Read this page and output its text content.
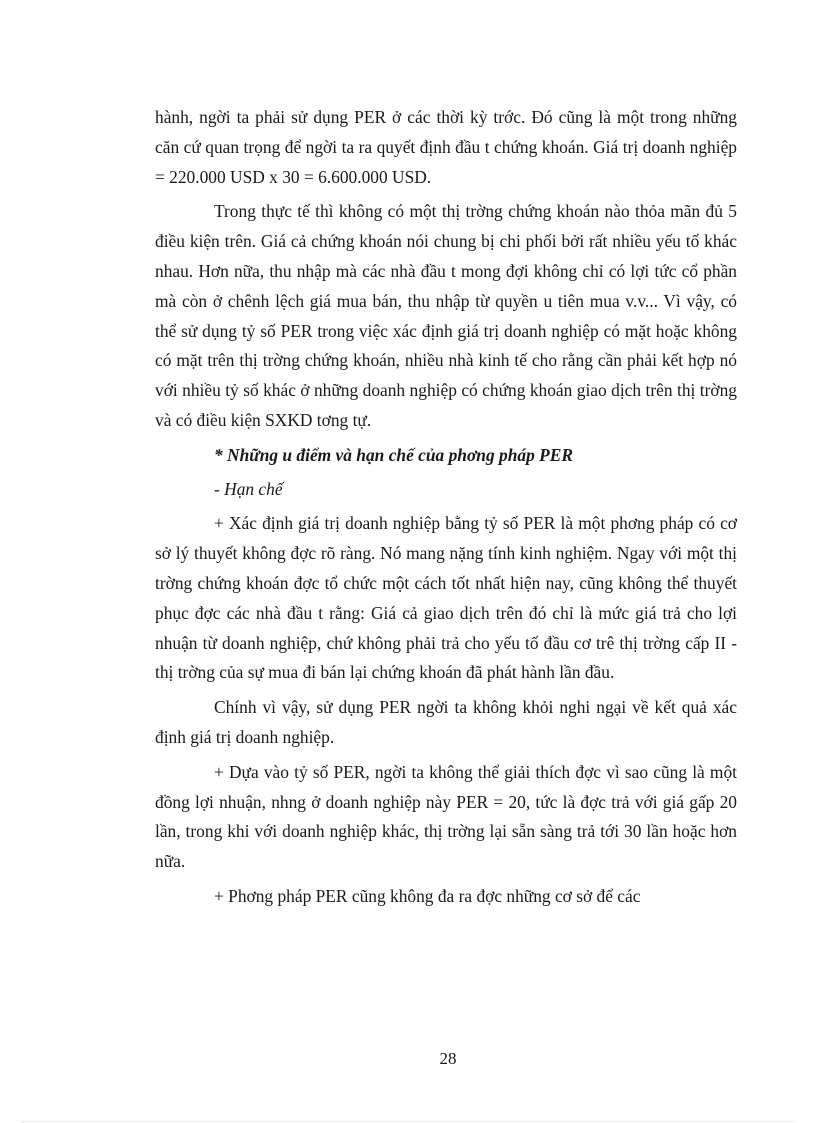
hành, ngời ta phải sử dụng PER ở các thời kỳ trớc. Đó cũng là một trong những căn cứ quan trọng để ngời ta ra quyết định đầu t chứng khoán. Giá trị doanh nghiệp = 220.000 USD x 30 = 6.600.000 USD.

Trong thực tế thì không có một thị trờng chứng khoán nào thỏa mãn đủ 5 điều kiện trên. Giá cả chứng khoán nói chung bị chi phối bởi rất nhiều yếu tố khác nhau. Hơn nữa, thu nhập mà các nhà đầu t mong đợi không chỉ có lợi tức cổ phần mà còn ở chênh lệch giá mua bán, thu nhập từ quyền u tiên mua v.v... Vì vậy, có thể sử dụng tỷ số PER trong việc xác định giá trị doanh nghiệp có mặt hoặc không có mặt trên thị trờng chứng khoán, nhiều nhà kinh tế cho rằng cần phải kết hợp nó với nhiều tỷ số khác ở những doanh nghiệp có chứng khoán giao dịch trên thị trờng và có điều kiện SXKD tơng tự.

* Những u điểm và hạn chế của phơng pháp PER

- Hạn chế

+ Xác định giá trị doanh nghiệp bằng tỷ số PER là một phơng pháp có cơ sở lý thuyết không đợc rõ ràng. Nó mang nặng tính kinh nghiệm. Ngay với một thị trờng chứng khoán đợc tổ chức một cách tốt nhất hiện nay, cũng không thể thuyết phục đợc các nhà đầu t rằng: Giá cả giao dịch trên đó chỉ là mức giá trả cho lợi nhuận từ doanh nghiệp, chứ không phải trả cho yếu tố đầu cơ trê thị trờng cấp II - thị trờng của sự mua đi bán lại chứng khoán đã phát hành lần đầu.

Chính vì vậy, sử dụng PER ngời ta không khỏi nghi ngại về kết quả xác định giá trị doanh nghiệp.

+ Dựa vào tỷ số PER, ngời ta không thể giải thích đợc vì sao cũng là một đồng lợi nhuận, nhng ở doanh nghiệp này PER = 20, tức là đợc trả với giá gấp 20 lần, trong khi với doanh nghiệp khác, thị trờng lại sẵn sàng trả tới 30 lần hoặc hơn nữa.

+ Phơng pháp PER cũng không đa ra đợc những cơ sở để các

28
